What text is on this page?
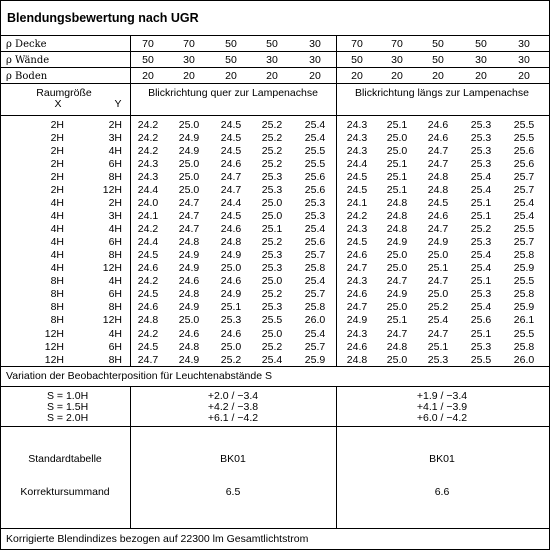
Blendungsbewertung nach UGR
ρ Decke	70	70	50	50	30	70	70	50	50	30
ρ Wände	50	30	50	30	30	50	30	50	30	30
ρ Boden	20	20	20	20	20	20	20	20	20	20
Raumgröße
X	Y
Blickrichtung quer zur Lampenachse	Blickrichtung längs zur Lampenachse
2H	2H 24.2 25.0 24.5 25.2 25.4 24.3 25.1 24.6 25.3 25.5
2H	3H 24.2 24.9 24.5 25.2 25.4 24.3 25.0 24.6 25.3 25.5
2H	4H 24.2 24.9 24.5 25.2 25.5 24.3 25.0 24.7 25.3 25.6
2H	6H 24.3 25.0 24.6 25.2 25.5 24.4 25.1 24.7 25.3 25.6
2H	8H 24.3 25.0 24.7 25.3 25.6 24.5 25.1 24.8 25.4 25.7
2H	12H 24.4 25.0 24.7 25.3 25.6 24.5 25.1 24.8 25.4 25.7
4H	2H 24.0 24.7 24.4 25.0 25.3 24.1 24.8 24.5 25.1 25.4
4H	3H 24.1 24.7 24.5 25.0 25.3 24.2 24.8 24.6 25.1 25.4
4H	4H 24.2 24.7 24.6 25.1 25.4 24.3 24.8 24.7 25.2 25.5
4H	6H 24.4 24.8 24.8 25.2 25.6 24.5 24.9 24.9 25.3 25.7
4H	8H 24.5 24.9 24.9 25.3 25.7 24.6 25.0 25.0 25.4 25.8
4H	12H 24.6 24.9 25.0 25.3 25.8 24.7 25.0 25.1 25.4 25.9
8H	4H 24.2 24.6 24.6 25.0 25.4 24.3 24.7 24.7 25.1 25.5
8H	6H 24.5 24.8 24.9 25.2 25.7 24.6 24.9 25.0 25.3 25.8
8H	8H 24.6 24.9 25.1 25.3 25.8 24.7 25.0 25.2 25.4 25.9
8H	12H 24.8 25.0 25.3 25.5 26.0 24.9 25.1 25.4 25.6 26.1
12H	4H 24.2 24.6 24.6 25.0 25.4 24.3 24.7 24.7 25.1 25.5
12H	6H 24.5 24.8 25.0 25.2 25.7 24.6 24.8 25.1 25.3 25.8
12H	8H 24.7 24.9 25.2 25.4 25.9 24.8 25.0 25.3 25.5 26.0
Variation der Beobachterposition für Leuchtenabstände S
S = 1.0H	+2.0 / −3.4	+1.9 / −3.4
S = 1.5H	+4.2 / −3.8	+4.1 / −3.9
S = 2.0H	+6.1 / −4.2	+6.0 / −4.2
Standardtabelle	BK01	BK01
Korrektursummand	6.5	6.6
Korrigierte Blendindizes bezogen auf 22300 lm Gesamtlichtstrom
